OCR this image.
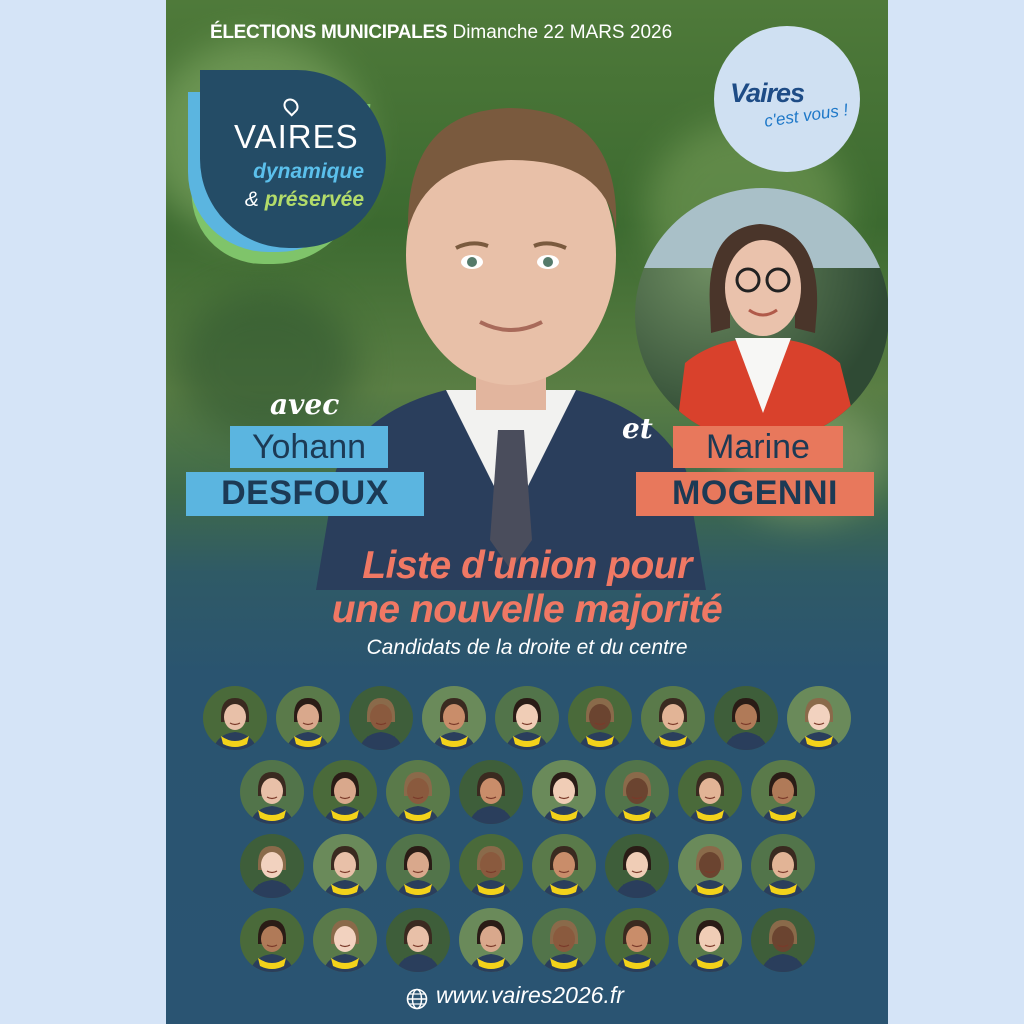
ÉLECTIONS MUNICIPALES Dimanche 22 MARS 2026
VAIRES
dynamique
& préservée
Vaires
c'est vous !
avec
et
Yohann
DESFOUX
Marine
MOGENNI
Liste d'union pour
une nouvelle majorité
Candidats de la droite et du centre
www.vaires2026.fr
